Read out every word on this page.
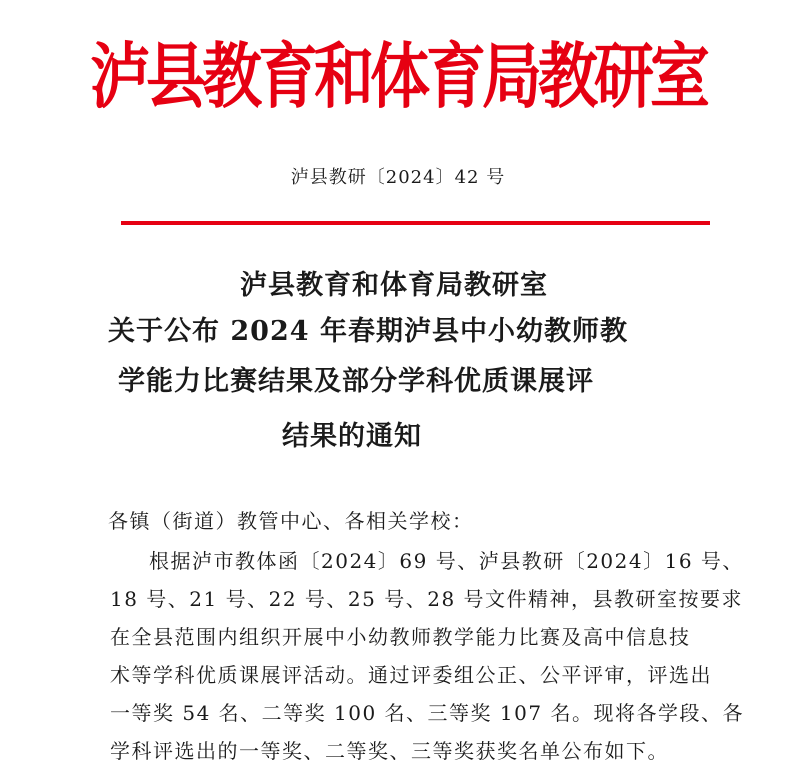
泸县教育和体育局教研室
泸县教研〔2024〕42 号
泸县教育和体育局教研室
关于公布 2024 年春期泸县中小幼教师教
学能力比赛结果及部分学科优质课展评
结果的通知
各镇（街道）教管中心、各相关学校：
根据泸市教体函〔2024〕69 号、泸县教研〔2024〕16 号、
18 号、21 号、22 号、25 号、28 号文件精神，县教研室按要求
在全县范围内组织开展中小幼教师教学能力比赛及高中信息技
术等学科优质课展评活动。通过评委组公正、公平评审，评选出
一等奖 54 名、二等奖 100 名、三等奖 107 名。现将各学段、各
学科评选出的一等奖、二等奖、三等奖获奖名单公布如下。
